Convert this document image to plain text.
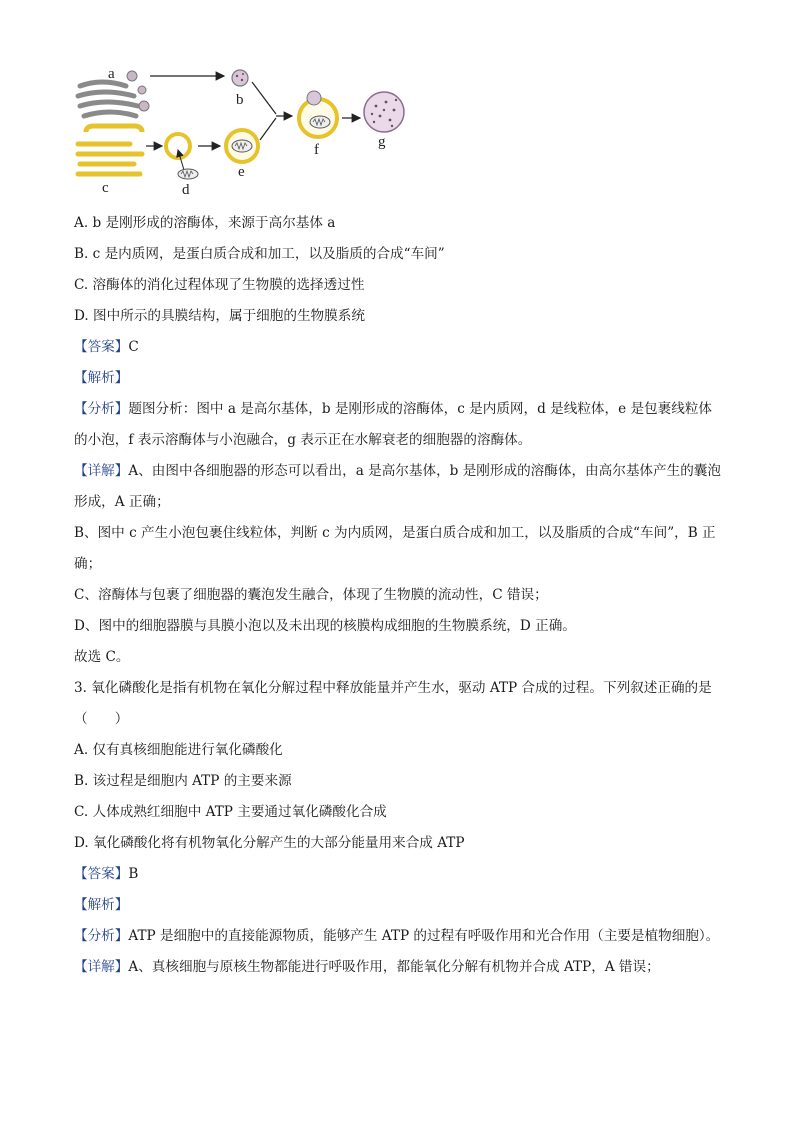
a
b
c	d
e
f	g

A. b 是刚形成的溶酶体，来源于高尔基体 a

B. c 是内质网，是蛋白质合成和加工，以及脂质的合成“车间”

C. 溶酶体的消化过程体现了生物膜的选择透过性

D. 图中所示的具膜结构，属于细胞的生物膜系统

【答案】C

【解析】

【分析】题图分析：图中 a 是高尔基体，b 是刚形成的溶酶体，c 是内质网，d 是线粒体，e 是包裹线粒体的小泡，f 表示溶酶体与小泡融合，g 表示正在水解衰老的细胞器的溶酶体。

【详解】A、由图中各细胞器的形态可以看出，a 是高尔基体，b 是刚形成的溶酶体，由高尔基体产生的囊泡形成，A 正确；

B、图中 c 产生小泡包裹住线粒体，判断 c 为内质网，是蛋白质合成和加工，以及脂质的合成“车间”，B 正确；

C、溶酶体与包裹了细胞器的囊泡发生融合，体现了生物膜的流动性，C 错误；

D、图中的细胞器膜与具膜小泡以及未出现的核膜构成细胞的生物膜系统，D 正确。

故选 C。

3. 氧化磷酸化是指有机物在氧化分解过程中释放能量并产生水，驱动 ATP 合成的过程。下列叙述正确的是（　　）

A. 仅有真核细胞能进行氧化磷酸化

B. 该过程是细胞内 ATP 的主要来源

C. 人体成熟红细胞中 ATP 主要通过氧化磷酸化合成

D. 氧化磷酸化将有机物氧化分解产生的大部分能量用来合成 ATP

【答案】B

【解析】

【分析】ATP 是细胞中的直接能源物质，能够产生 ATP 的过程有呼吸作用和光合作用（主要是植物细胞）。

【详解】A、真核细胞与原核生物都能进行呼吸作用，都能氧化分解有机物并合成 ATP，A 错误；
